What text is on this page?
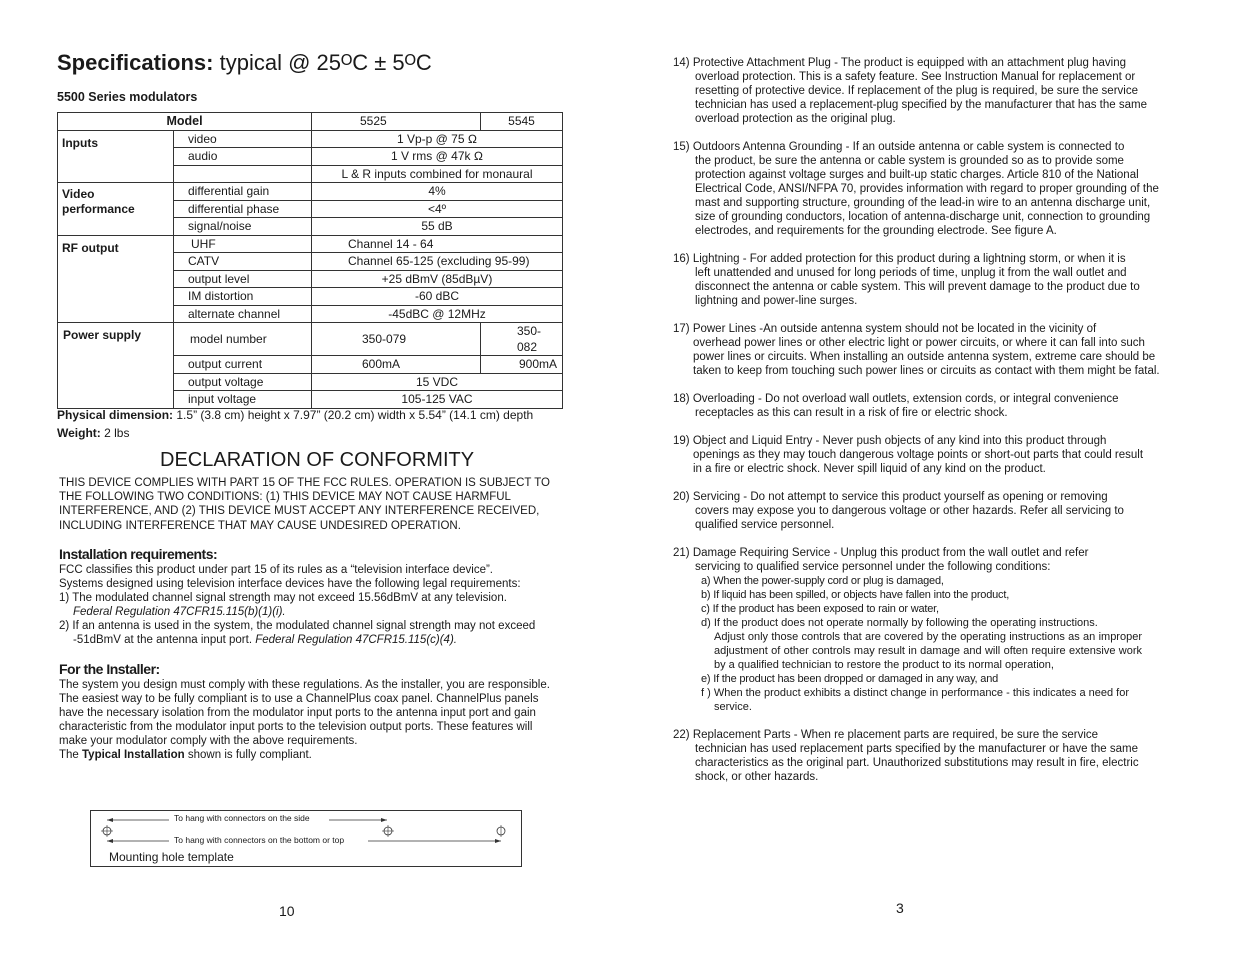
Specifications: typical @ 25ᴼC ± 5ᴼC
5500 Series modulators
Model		5525	5545
Inputs	video	1 Vp-p @ 75 Ω	
	audio	1 V rms @ 47k Ω	
		L & R inputs combined for monaural	
Video performance	differential gain	4%	
	differential phase	<4º	
	signal/noise	55 dB	
RF output	UHF	Channel 14 - 64	
	CATV	Channel 65-125 (excluding 95-99)	
	output level	+25 dBmV (85dBµV)	
	IM distortion	-60 dBC	
	alternate channel	-45dBC @ 12MHz	
Power supply	model number	350-079	350-082
	output current	600mA	900mA
	output voltage	15 VDC	
	input voltage	105-125 VAC	
Physical dimension: 1.5” (3.8 cm) height x 7.97” (20.2 cm) width x 5.54” (14.1 cm) depth
Weight: 2 lbs
DECLARATION OF CONFORMITY
THIS DEVICE COMPLIES WITH PART 15 OF THE FCC RULES. OPERATION IS SUBJECT TO THE FOLLOWING TWO CONDITIONS: (1) THIS DEVICE MAY NOT CAUSE HARMFUL INTERFERENCE, AND (2) THIS DEVICE MUST ACCEPT ANY INTERFERENCE RECEIVED, INCLUDING INTERFERENCE THAT MAY CAUSE UNDESIRED OPERATION.
Installation requirements:

FCC classifies this product under part 15 of its rules as a “television interface device”.

Systems designed using television interface devices have the following legal requirements:

1) The modulated channel signal strength may not exceed 15.56dBmV at any television.

Federal Regulation 47CFR15.115(b)(1)(i).

2) If an antenna is used in the system, the modulated channel signal strength may not exceed

-51dBmV at the antenna input port. Federal Regulation 47CFR15.115(c)(4).

For the Installer:
The system you design must comply with these regulations. As the installer, you are responsible. The easiest way to be fully compliant is to use a ChannelPlus coax panel. ChannelPlus panels have the necessary isolation from the modulator input ports to the antenna input port and gain characteristic from the modulator input ports to the television output ports. These features will make your modulator comply with the above requirements.
The Typical Installation shown is fully compliant.
To hang with connectors on the side
To hang with connectors on the bottom or top
Mounting hole template
10

14) Protective Attachment Plug - The product is equipped with an attachment plug having

overload protection. This is a safety feature. See Instruction Manual for replacement or resetting of protective device. If replacement of the plug is required, be sure the service technician has used a replacement-plug specified by the manufacturer that has the same overload protection as the original plug.

15) Outdoors Antenna Grounding - If an outside antenna or cable system is connected to

the product, be sure the antenna or cable system is grounded so as to provide some protection against voltage surges and built-up static charges. Article 810 of the National Electrical Code, ANSI/NFPA 70, provides information with regard to proper grounding of the mast and supporting structure, grounding of the lead-in wire to an antenna discharge unit, size of grounding conductors, location of antenna-discharge unit, connection to grounding electrodes, and requirements for the grounding electrode. See figure A.

16) Lightning - For added protection for this product during a lightning storm, or when it is

left unattended and unused for long periods of time, unplug it from the wall outlet and disconnect the antenna or cable system. This will prevent damage to the product due to lightning and power-line surges.

17) Power Lines -An outside antenna system should not be located in the vicinity of

overhead power lines or other electric light or power circuits, or where it can fall into such power lines or circuits. When installing an outside antenna system, extreme care should be taken to keep from touching such power lines or circuits as contact with them might be fatal.

18) Overloading - Do not overload wall outlets, extension cords, or integral convenience

receptacles as this can result in a risk of fire or electric shock.

19) Object and Liquid Entry - Never push objects of any kind into this product through

openings as they may touch dangerous voltage points or short-out parts that could result in a fire or electric shock. Never spill liquid of any kind on the product.

20) Servicing - Do not attempt to service this product yourself as opening or removing

covers may expose you to dangerous voltage or other hazards. Refer all servicing to qualified service personnel.

21) Damage Requiring Service - Unplug this product from the wall outlet and refer

servicing to qualified service personnel under the following conditions:

a) When the power-supply cord or plug is damaged,

b) If liquid has been spilled, or objects have fallen into the product,

c) If the product has been exposed to rain or water,

d) If the product does not operate normally by following the operating instructions.

Adjust only those controls that are covered by the operating instructions as an improper adjustment of other controls may result in damage and will often require extensive work by a qualified technician to restore the product to its normal operation,

e) If the product has been dropped or damaged in any way, and

f ) When the product exhibits a distinct change in performance - this indicates a need for

service.

22) Replacement Parts - When re placement parts are required, be sure the service

technician has used replacement parts specified by the manufacturer or have the same characteristics as the original part. Unauthorized substitutions may result in fire, electric shock, or other hazards.

3
